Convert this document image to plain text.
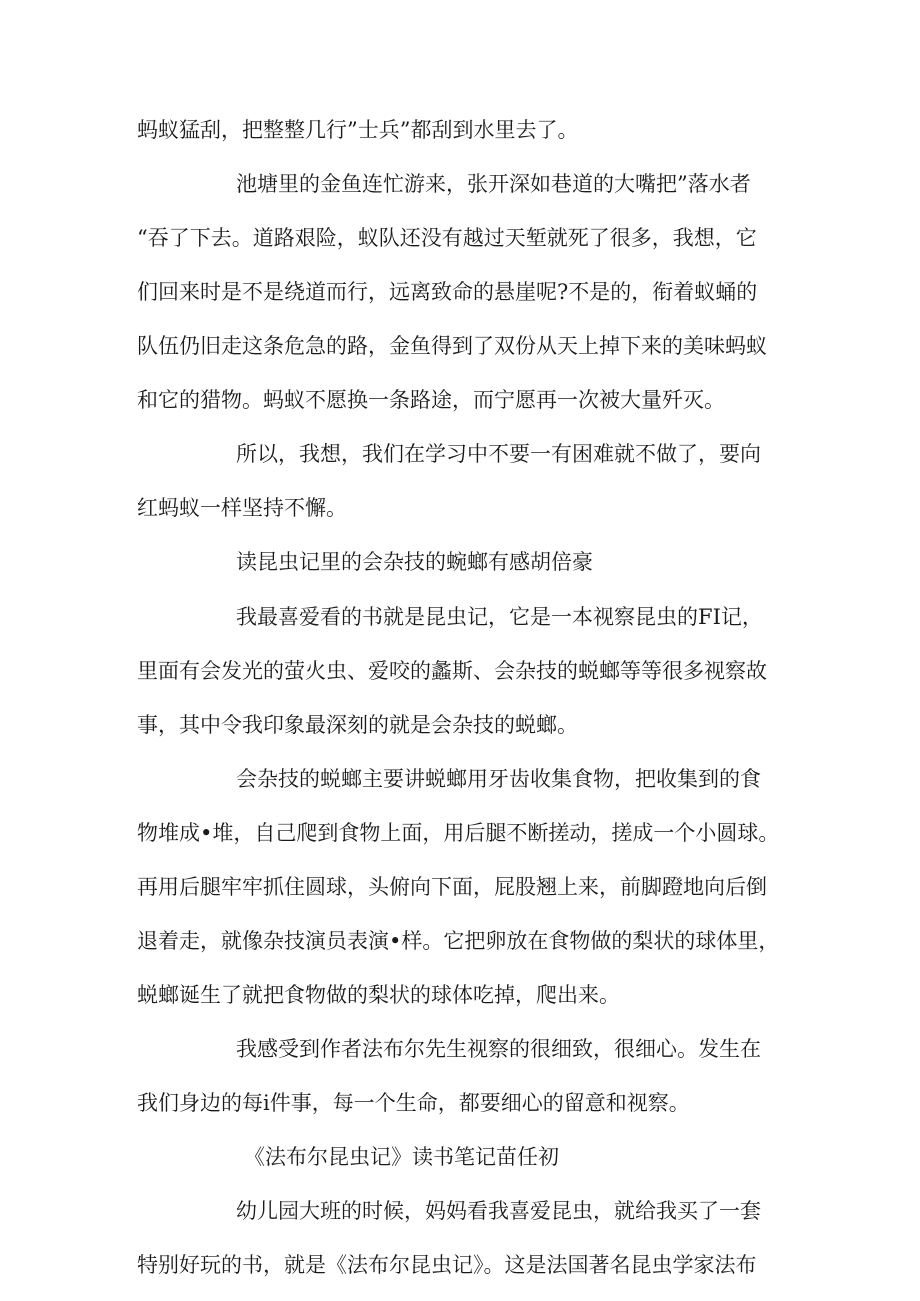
蚂蚁猛刮，把整整几行”士兵”都刮到水里去了。
池塘里的金鱼连忙游来，张开深如巷道的大嘴把”落水者
“吞了下去。道路艰险，蚁队还没有越过天堑就死了很多，我想，它
们回来时是不是绕道而行，远离致命的悬崖呢?不是的，衔着蚁蛹的
队伍仍旧走这条危急的路，金鱼得到了双份从天上掉下来的美味蚂蚁
和它的猎物。蚂蚁不愿换一条路途，而宁愿再一次被大量歼灭。
所以，我想，我们在学习中不要一有困难就不做了，要向
红蚂蚁一样坚持不懈。
读昆虫记里的会杂技的蜿螂有感胡倍豪
我最喜爱看的书就是昆虫记，它是一本视察昆虫的FI记，
里面有会发光的萤火虫、爱咬的蠡斯、会杂技的蜕螂等等很多视察故
事，其中令我印象最深刻的就是会杂技的蜕螂。
会杂技的蜕螂主要讲蜕螂用牙齿收集食物，把收集到的食
物堆成•堆，自己爬到食物上面，用后腿不断搓动，搓成一个小圆球。
再用后腿牢牢抓住圆球，头俯向下面，屁股翘上来，前脚蹬地向后倒
退着走，就像杂技演员表演•样。它把卵放在食物做的梨状的球体里，
蜕螂诞生了就把食物做的梨状的球体吃掉，爬出来。
我感受到作者法布尔先生视察的很细致，很细心。发生在
我们身边的每i件事，每一个生命，都要细心的留意和视察。
《法布尔昆虫记》读书笔记苗任初
幼儿园大班的时候，妈妈看我喜爱昆虫，就给我买了一套
特别好玩的书，就是《法布尔昆虫记》。这是法国著名昆虫学家法布
